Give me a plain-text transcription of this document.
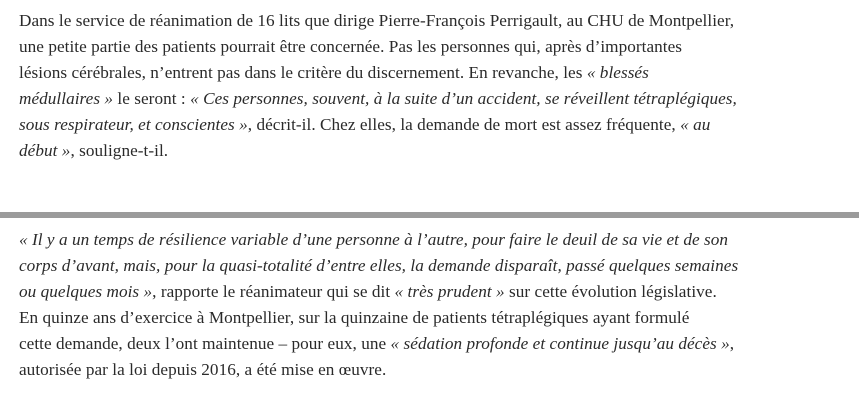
Dans le service de réanimation de 16 lits que dirige Pierre-François Perrigault, au CHU de Montpellier,
une petite partie des patients pourrait être concernée. Pas les personnes qui, après d’importantes
lésions cérébrales, n’entrent pas dans le critère du discernement. En revanche, les « blessés
médullaires » le seront : « Ces personnes, souvent, à la suite d’un accident, se réveillent tétraplégiques,
sous respirateur, et conscientes », décrit-il. Chez elles, la demande de mort est assez fréquente, « au
début », souligne-t-il.
« Il y a un temps de résilience variable d’une personne à l’autre, pour faire le deuil de sa vie et de son
corps d’avant, mais, pour la quasi-totalité d’entre elles, la demande disparaît, passé quelques semaines
ou quelques mois », rapporte le réanimateur qui se dit « très prudent » sur cette évolution législative.
En quinze ans d’exercice à Montpellier, sur la quinzaine de patients tétraplégiques ayant formulé
cette demande, deux l’ont maintenue – pour eux, une « sédation profonde et continue jusqu’au décès »,
autorisée par la loi depuis 2016, a été mise en œuvre.
